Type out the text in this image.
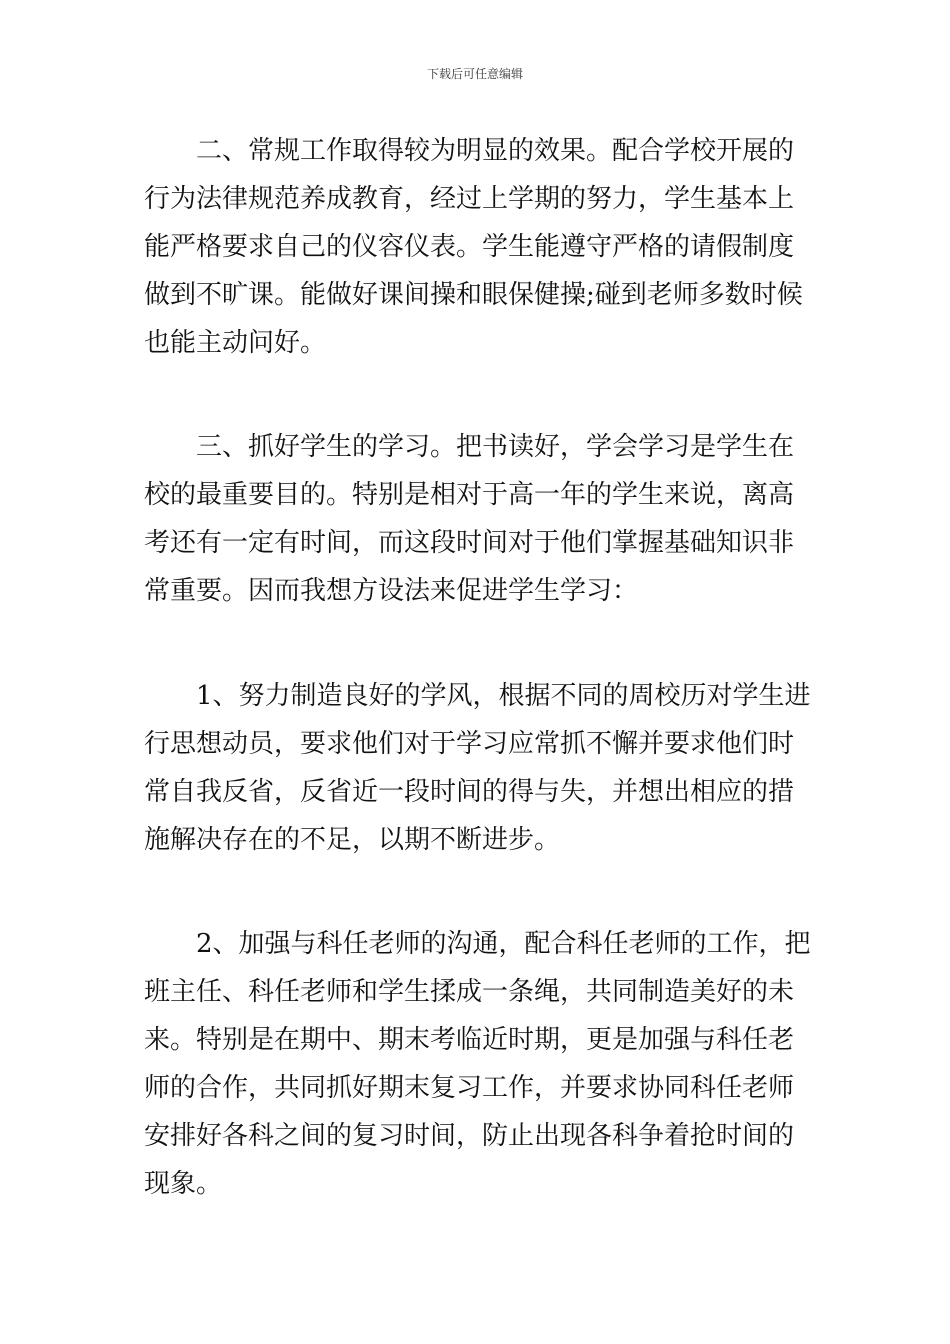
下载后可任意编辑

二、常规工作取得较为明显的效果。配合学校开展的
行为法律规范养成教育，经过上学期的努力，学生基本上
能严格要求自己的仪容仪表。学生能遵守严格的请假制度
做到不旷课。能做好课间操和眼保健操;碰到老师多数时候
也能主动问好。
三、抓好学生的学习。把书读好，学会学习是学生在
校的最重要目的。特别是相对于高一年的学生来说，离高
考还有一定有时间，而这段时间对于他们掌握基础知识非
常重要。因而我想方设法来促进学生学习：
1、努力制造良好的学风，根据不同的周校历对学生进
行思想动员，要求他们对于学习应常抓不懈并要求他们时
常自我反省，反省近一段时间的得与失，并想出相应的措
施解决存在的不足，以期不断进步。
2、加强与科任老师的沟通，配合科任老师的工作，把
班主任、科任老师和学生揉成一条绳，共同制造美好的未
来。特别是在期中、期末考临近时期，更是加强与科任老
师的合作，共同抓好期末复习工作，并要求协同科任老师
安排好各科之间的复习时间，防止出现各科争着抢时间的
现象。
